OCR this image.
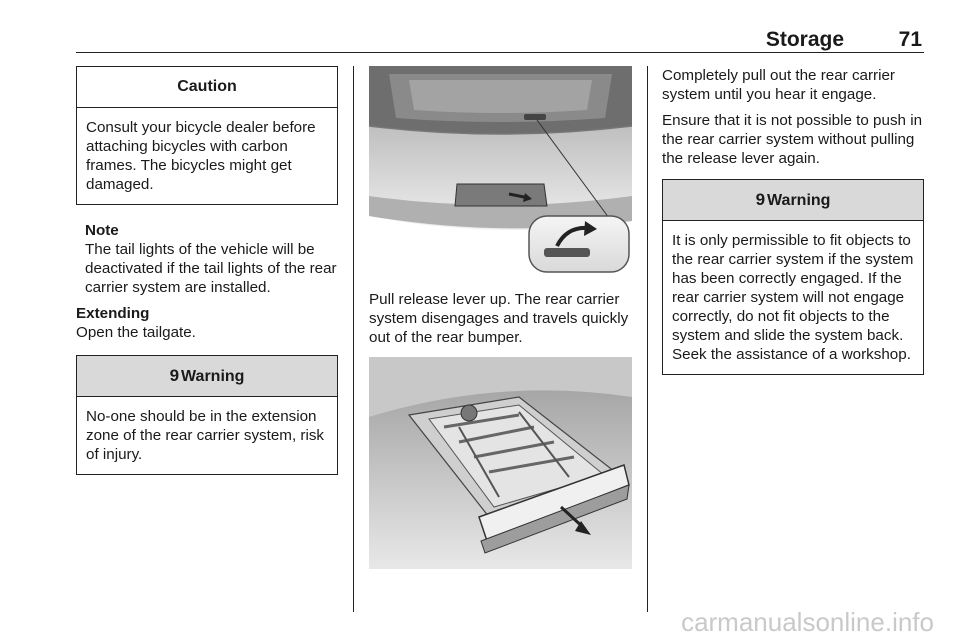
Storage	71
Caution
Consult your bicycle dealer before attaching bicycles with carbon frames. The bicycles might get damaged.

Note

The tail lights of the vehicle will be deactivated if the tail lights of the rear carrier system are installed.

Extending

Open the tailgate.

9 Warning
No-one should be in the extension zone of the rear carrier system, risk of injury.

Pull release lever up. The rear carrier system disengages and travels quickly out of the rear bumper.

Completely pull out the rear carrier system until you hear it engage.

Ensure that it is not possible to push in the rear carrier system without pulling the release lever again.

9 Warning
It is only permissible to fit objects to the rear carrier system if the system has been correctly engaged. If the rear carrier system will not engage correctly, do not fit objects to the system and slide the system back. Seek the assistance of a workshop.
carmanualsonline.info
